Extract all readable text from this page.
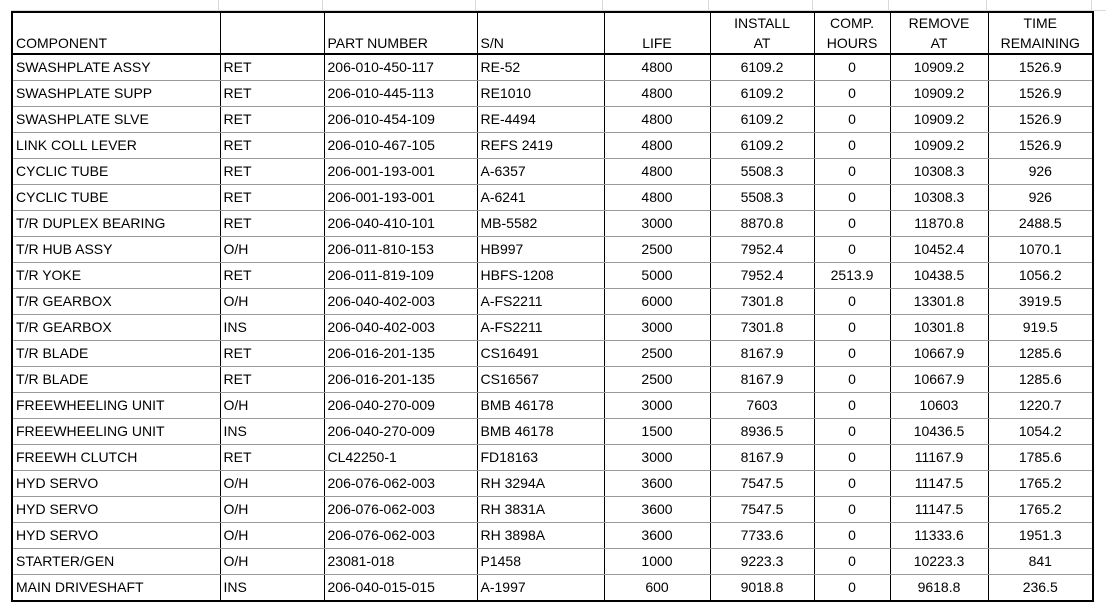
					INSTALL	COMP.	REMOVE	TIME
COMPONENT		PART NUMBER	S/N	LIFE	AT	HOURS	AT	REMAINING
SWASHPLATE ASSY	RET	206-010-450-117	RE-52	4800	6109.2	0	10909.2	1526.9
SWASHPLATE SUPP	RET	206-010-445-113	RE1010	4800	6109.2	0	10909.2	1526.9
SWASHPLATE SLVE	RET	206-010-454-109	RE-4494	4800	6109.2	0	10909.2	1526.9
LINK COLL LEVER	RET	206-010-467-105	REFS 2419	4800	6109.2	0	10909.2	1526.9
CYCLIC TUBE	RET	206-001-193-001	A-6357	4800	5508.3	0	10308.3	926
CYCLIC TUBE	RET	206-001-193-001	A-6241	4800	5508.3	0	10308.3	926
T/R DUPLEX BEARING	RET	206-040-410-101	MB-5582	3000	8870.8	0	11870.8	2488.5
T/R HUB ASSY	O/H	206-011-810-153	HB997	2500	7952.4	0	10452.4	1070.1
T/R YOKE	RET	206-011-819-109	HBFS-1208	5000	7952.4	2513.9	10438.5	1056.2
T/R GEARBOX	O/H	206-040-402-003	A-FS2211	6000	7301.8	0	13301.8	3919.5
T/R GEARBOX	INS	206-040-402-003	A-FS2211	3000	7301.8	0	10301.8	919.5
T/R BLADE	RET	206-016-201-135	CS16491	2500	8167.9	0	10667.9	1285.6
T/R BLADE	RET	206-016-201-135	CS16567	2500	8167.9	0	10667.9	1285.6
FREEWHEELING UNIT	O/H	206-040-270-009	BMB 46178	3000	7603	0	10603	1220.7
FREEWHEELING UNIT	INS	206-040-270-009	BMB 46178	1500	8936.5	0	10436.5	1054.2
FREEWH CLUTCH	RET	CL42250-1	FD18163	3000	8167.9	0	11167.9	1785.6
HYD SERVO	O/H	206-076-062-003	RH 3294A	3600	7547.5	0	11147.5	1765.2
HYD SERVO	O/H	206-076-062-003	RH 3831A	3600	7547.5	0	11147.5	1765.2
HYD SERVO	O/H	206-076-062-003	RH 3898A	3600	7733.6	0	11333.6	1951.3
STARTER/GEN	O/H	23081-018	P1458	1000	9223.3	0	10223.3	841
MAIN DRIVESHAFT	INS	206-040-015-015	A-1997	600	9018.8	0	9618.8	236.5
